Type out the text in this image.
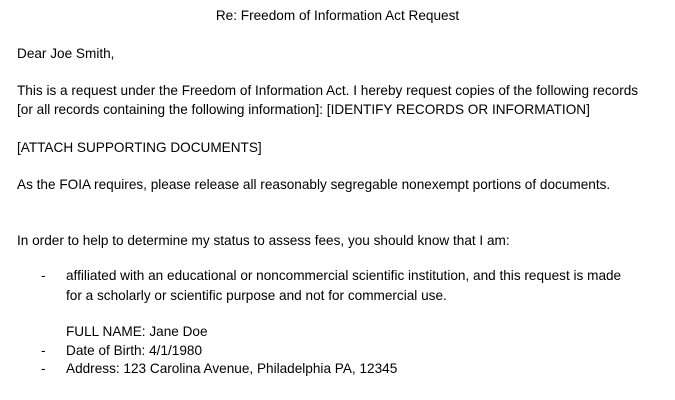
Re: Freedom of Information Act Request
Dear Joe Smith,
This is a request under the Freedom of Information Act. I hereby request copies of the following records
[or all records containing the following information]: [IDENTIFY RECORDS OR INFORMATION]
[ATTACH SUPPORTING DOCUMENTS]
As the FOIA requires, please release all reasonably segregable nonexempt portions of documents.
In order to help to determine my status to assess fees, you should know that I am:
- affiliated with an educational or noncommercial scientific institution, and this request is made
for a scholarly or scientific purpose and not for commercial use.
FULL NAME: Jane Doe
- Date of Birth: 4/1/1980
- Address: 123 Carolina Avenue, Philadelphia PA, 12345
